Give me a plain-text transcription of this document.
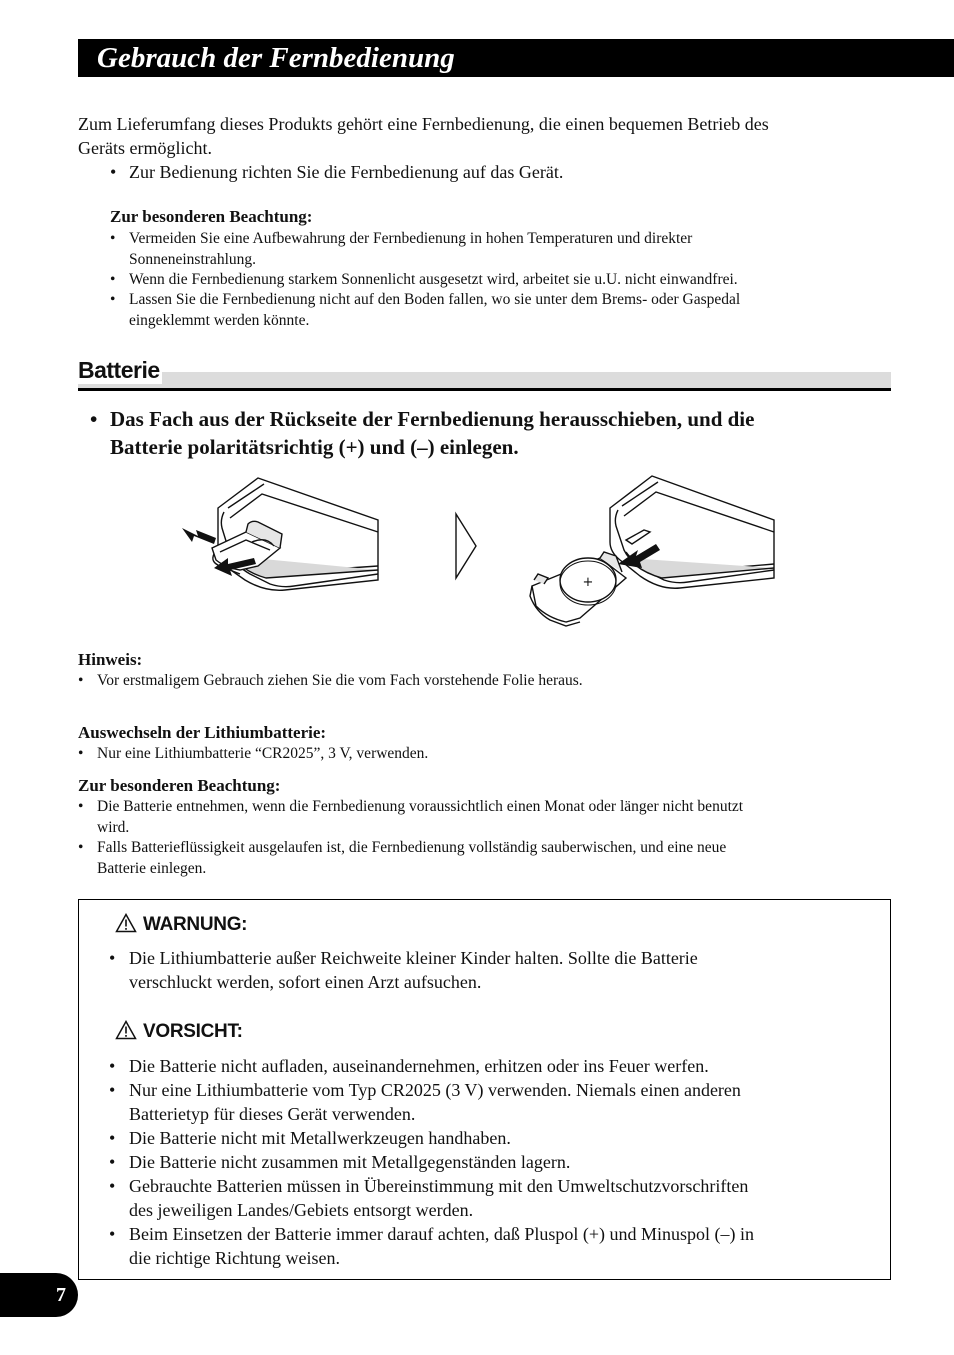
Gebrauch der Fernbedienung
Zum Lieferumfang dieses Produkts gehört eine Fernbedienung, die einen bequemen Betrieb des
Geräts ermöglicht.
• Zur Bedienung richten Sie die Fernbedienung auf das Gerät.
Zur besonderen Beachtung:
• Vermeiden Sie eine Aufbewahrung der Fernbedienung in hohen Temperaturen und direkter
Sonneneinstrahlung.
• Wenn die Fernbedienung starkem Sonnenlicht ausgesetzt wird, arbeitet sie u.U. nicht einwandfrei.
• Lassen Sie die Fernbedienung nicht auf den Boden fallen, wo sie unter dem Brems- oder Gaspedal
eingeklemmt werden könnte.
Batterie
• Das Fach aus der Rückseite der Fernbedienung herausschieben, und die
Batterie polaritätsrichtig (+) und (–) einlegen.
+
Hinweis:
• Vor erstmaligem Gebrauch ziehen Sie die vom Fach vorstehende Folie heraus.
Auswechseln der Lithiumbatterie:
• Nur eine Lithiumbatterie “CR2025”, 3 V, verwenden.
Zur besonderen Beachtung:
• Die Batterie entnehmen, wenn die Fernbedienung voraussichtlich einen Monat oder länger nicht benutzt
wird.
• Falls Batterieflüssigkeit ausgelaufen ist, die Fernbedienung vollständig sauberwischen, und eine neue
Batterie einlegen.
WARNUNG:
• Die Lithiumbatterie außer Reichweite kleiner Kinder halten. Sollte die Batterie
verschluckt werden, sofort einen Arzt aufsuchen.
VORSICHT:
• Die Batterie nicht aufladen, auseinandernehmen, erhitzen oder ins Feuer werfen.
• Nur eine Lithiumbatterie vom Typ CR2025 (3 V) verwenden. Niemals einen anderen
Batterietyp für dieses Gerät verwenden.
• Die Batterie nicht mit Metallwerkzeugen handhaben.
• Die Batterie nicht zusammen mit Metallgegenständen lagern.
• Gebrauchte Batterien müssen in Übereinstimmung mit den Umweltschutzvorschriften
des jeweiligen Landes/Gebiets entsorgt werden.
• Beim Einsetzen der Batterie immer darauf achten, daß Pluspol (+) und Minuspol (–) in
die richtige Richtung weisen.
7
